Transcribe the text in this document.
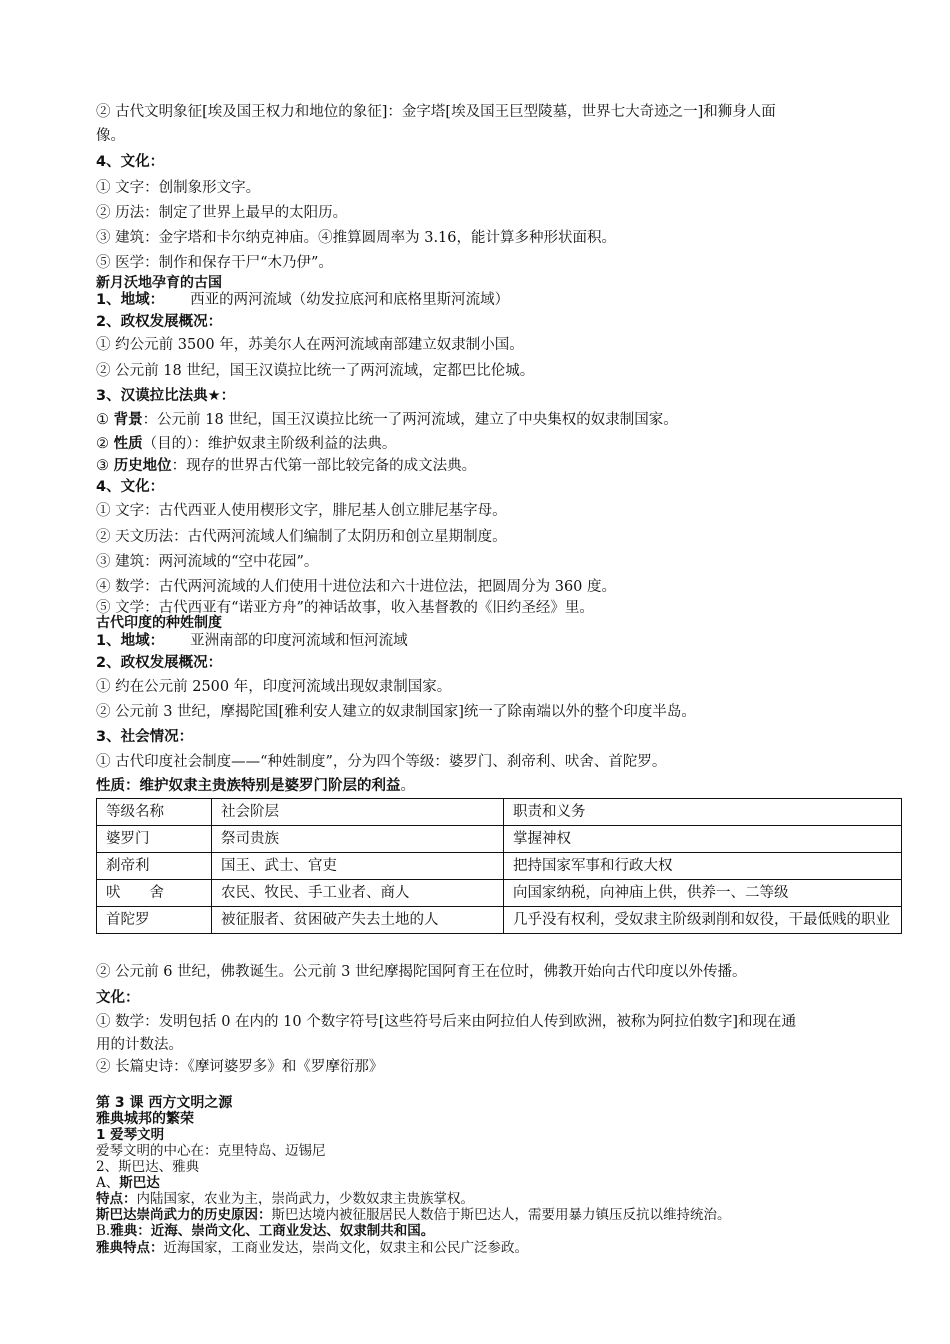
② 古代文明象征[埃及国王权力和地位的象征]：金字塔[埃及国王巨型陵墓，世界七大奇迹之一]和狮身人面
像。
4、文化：
① 文字：创制象形文字。
② 历法：制定了世界上最早的太阳历。
③ 建筑：金字塔和卡尔纳克神庙。④推算圆周率为 3.16，能计算多种形状面积。
⑤ 医学：制作和保存干尸“木乃伊”。
新月沃地孕育的古国
1、地域： 西亚的两河流域（幼发拉底河和底格里斯河流域）
2、政权发展概况：
① 约公元前 3500 年，苏美尔人在两河流域南部建立奴隶制小国。
② 公元前 18 世纪，国王汉谟拉比统一了两河流域，定都巴比伦城。
3、汉谟拉比法典★：
① 背景：公元前 18 世纪，国王汉谟拉比统一了两河流域，建立了中央集权的奴隶制国家。
② 性质（目的）：维护奴隶主阶级利益的法典。
③ 历史地位：现存的世界古代第一部比较完备的成文法典。
4、文化：
① 文字：古代西亚人使用楔形文字，腓尼基人创立腓尼基字母。
② 天文历法：古代两河流域人们编制了太阴历和创立星期制度。
③ 建筑：两河流域的“空中花园”。
④ 数学：古代两河流域的人们使用十进位法和六十进位法，把圆周分为 360 度。
⑤ 文学：古代西亚有“诺亚方舟”的神话故事，收入基督教的《旧约圣经》里。
古代印度的种姓制度
1、地域： 亚洲南部的印度河流域和恒河流域
2、政权发展概况：
① 约在公元前 2500 年，印度河流域出现奴隶制国家。
② 公元前 3 世纪，摩揭陀国[雅利安人建立的奴隶制国家]统一了除南端以外的整个印度半岛。
3、社会情况：
① 古代印度社会制度——“种姓制度”，分为四个等级：婆罗门、刹帝利、吠舍、首陀罗。
性质：维护奴隶主贵族特别是婆罗门阶层的利益。
等级名称	社会阶层	职责和义务
婆罗门	祭司贵族	掌握神权
刹帝利	国王、武士、官吏	把持国家军事和行政大权
吠　　舍	农民、牧民、手工业者、商人	向国家纳税，向神庙上供，供养一、二等级
首陀罗	被征服者、贫困破产失去土地的人	几乎没有权利，受奴隶主阶级剥削和奴役，干最低贱的职业
② 公元前 6 世纪，佛教诞生。公元前 3 世纪摩揭陀国阿育王在位时，佛教开始向古代印度以外传播。
文化：
① 数学：发明包括 0 在内的 10 个数字符号[这些符号后来由阿拉伯人传到欧洲，被称为阿拉伯数字]和现在通
用的计数法。
② 长篇史诗：《摩诃婆罗多》和《罗摩衍那》
第 3 课 西方文明之源
雅典城邦的繁荣
1 爱琴文明
爱琴文明的中心在：克里特岛、迈锡尼
2、斯巴达、雅典
A、斯巴达
特点：内陆国家，农业为主，崇尚武力，少数奴隶主贵族掌权。
斯巴达崇尚武力的历史原因：斯巴达境内被征服居民人数倍于斯巴达人，需要用暴力镇压反抗以维持统治。
B.雅典：近海、崇尚文化、工商业发达、奴隶制共和国。
雅典特点：近海国家，工商业发达，崇尚文化，奴隶主和公民广泛参政。
